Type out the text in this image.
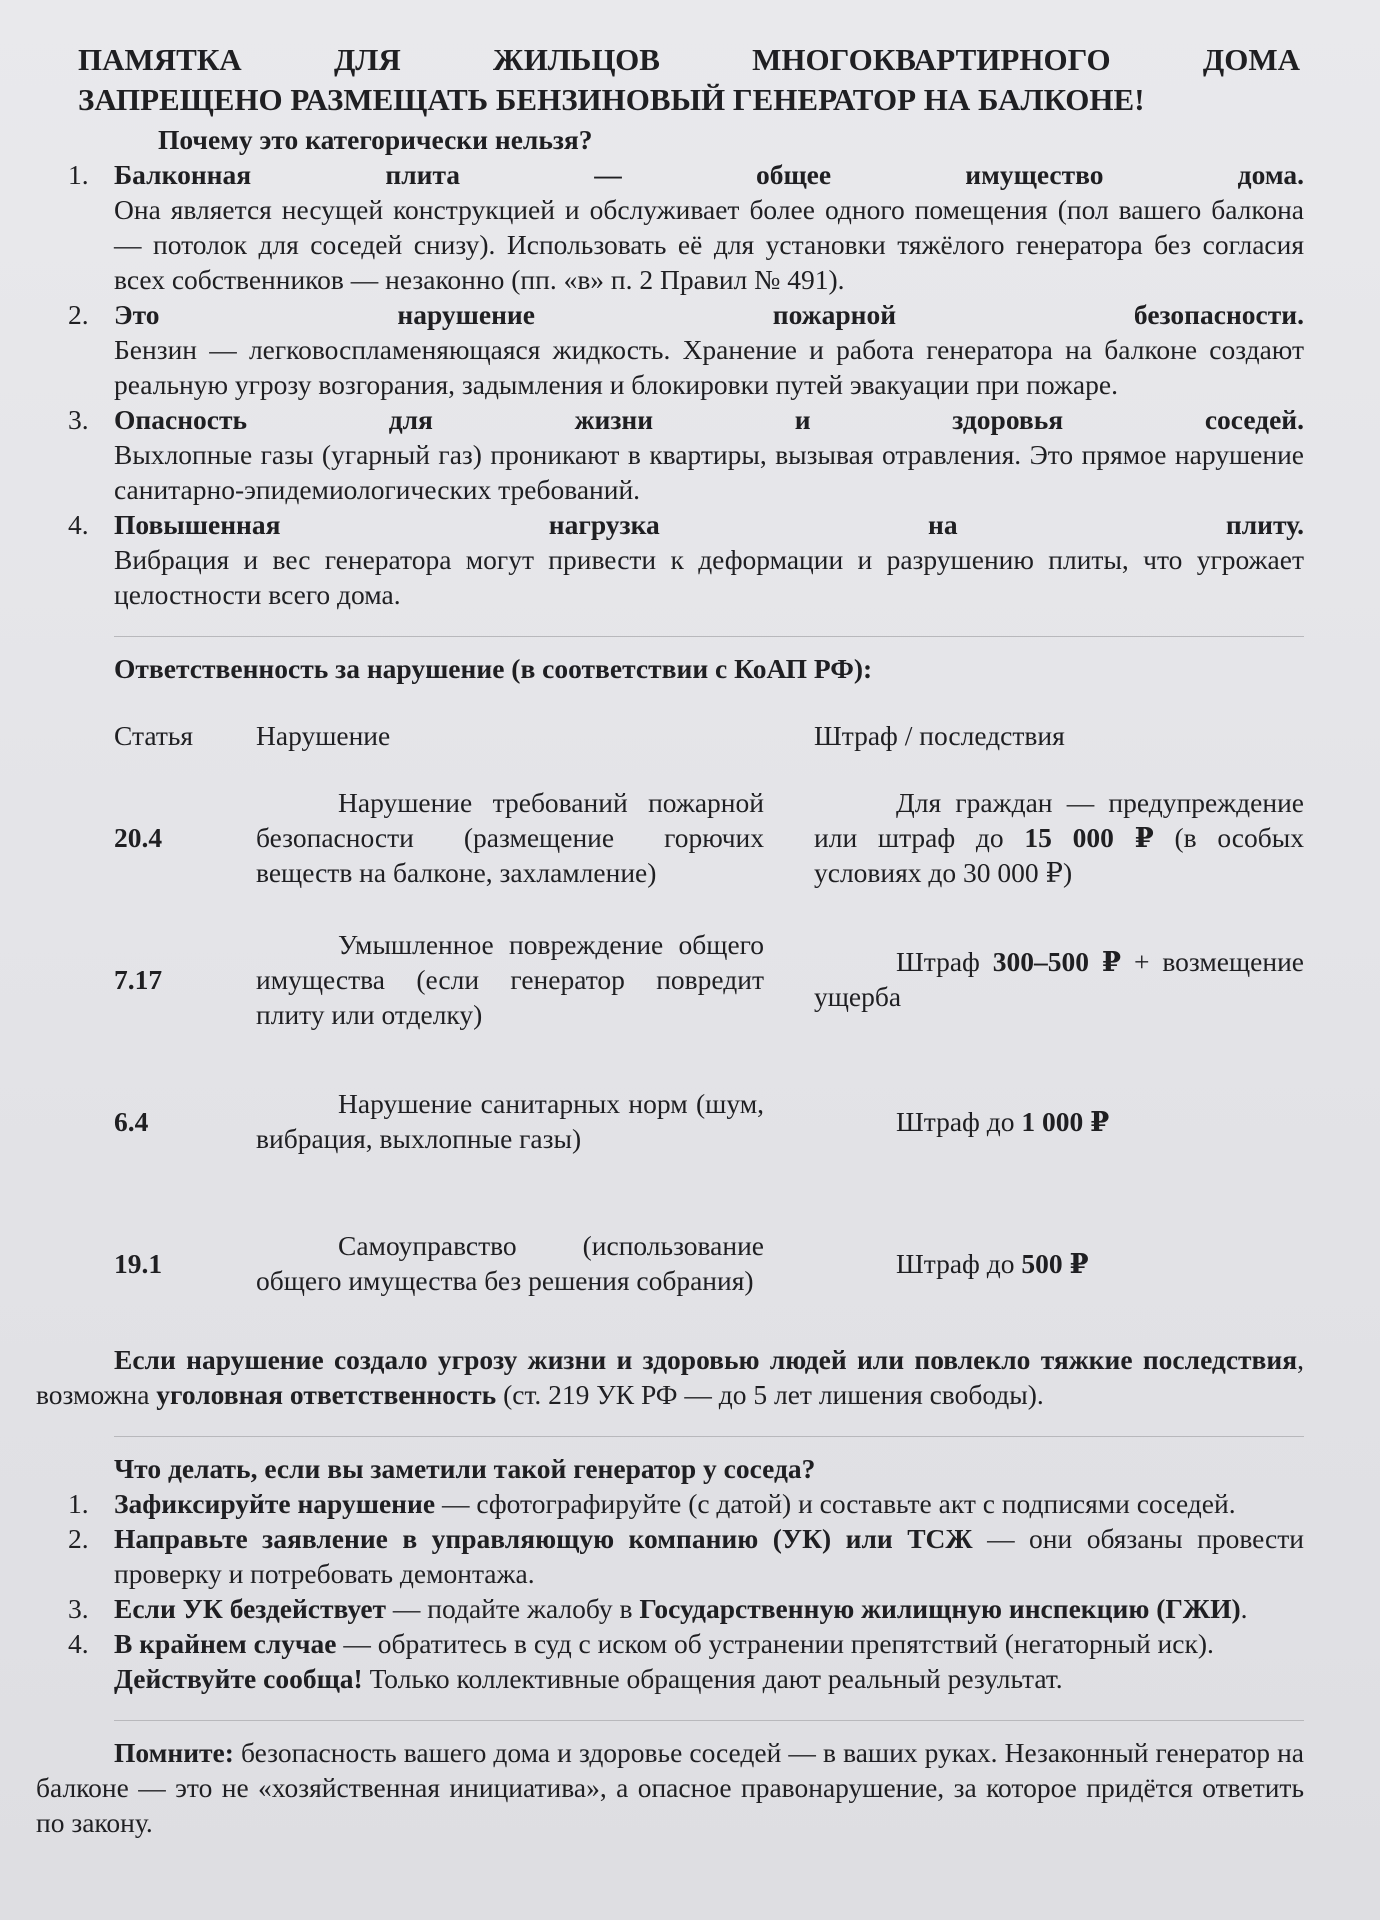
ПАМЯТКА ДЛЯ ЖИЛЬЦОВ МНОГОКВАРТИРНОГО ДОМА
ЗАПРЕЩЕНО РАЗМЕЩАТЬ БЕНЗИНОВЫЙ ГЕНЕРАТОР НА БАЛКОНЕ!
Почему это категорически нельзя?
1. Балконная плита — общее имущество дома.
Она является несущей конструкцией и обслуживает более одного помещения (пол вашего балкона — потолок для соседей снизу). Использовать её для установки тяжёлого генератора без согласия всех собственников — незаконно (пп. «в» п. 2 Правил № 491).
2. Это нарушение пожарной безопасности.
Бензин — легковоспламеняющаяся жидкость. Хранение и работа генератора на балконе создают реальную угрозу возгорания, задымления и блокировки путей эвакуации при пожаре.
3. Опасность для жизни и здоровья соседей.
Выхлопные газы (угарный газ) проникают в квартиры, вызывая отравления. Это прямое нарушение санитарно-эпидемиологических требований.
4. Повышенная нагрузка на плиту.
Вибрация и вес генератора могут привести к деформации и разрушению плиты, что угрожает целостности всего дома.
Ответственность за нарушение (в соответствии с КоАП РФ):
Статья	Нарушение	Штраф / последствия
20.4	Нарушение требований пожарной безопасности (размещение горючих веществ на балконе, захламление)	Для граждан — предупреждение или штраф до 15 000 ₽ (в особых условиях до 30 000 ₽)
7.17	Умышленное повреждение общего имущества (если генератор повредит плиту или отделку)	Штраф 300–500 ₽ + возмещение ущерба
6.4	Нарушение санитарных норм (шум, вибрация, выхлопные газы)	Штраф до 1 000 ₽
19.1	Самоуправство (использование общего имущества без решения собрания)	Штраф до 500 ₽
Если нарушение создало угрозу жизни и здоровью людей или повлекло тяжкие последствия, возможна уголовная ответственность (ст. 219 УК РФ — до 5 лет лишения свободы).
Что делать, если вы заметили такой генератор у соседа?
1. Зафиксируйте нарушение — сфотографируйте (с датой) и составьте акт с подписями соседей.
2. Направьте заявление в управляющую компанию (УК) или ТСЖ — они обязаны провести проверку и потребовать демонтажа.
3. Если УК бездействует — подайте жалобу в Государственную жилищную инспекцию (ГЖИ).
4. В крайнем случае — обратитесь в суд с иском об устранении препятствий (негаторный иск).
Действуйте сообща! Только коллективные обращения дают реальный результат.
Помните: безопасность вашего дома и здоровье соседей — в ваших руках. Незаконный генератор на балконе — это не «хозяйственная инициатива», а опасное правонарушение, за которое придётся ответить по закону.
